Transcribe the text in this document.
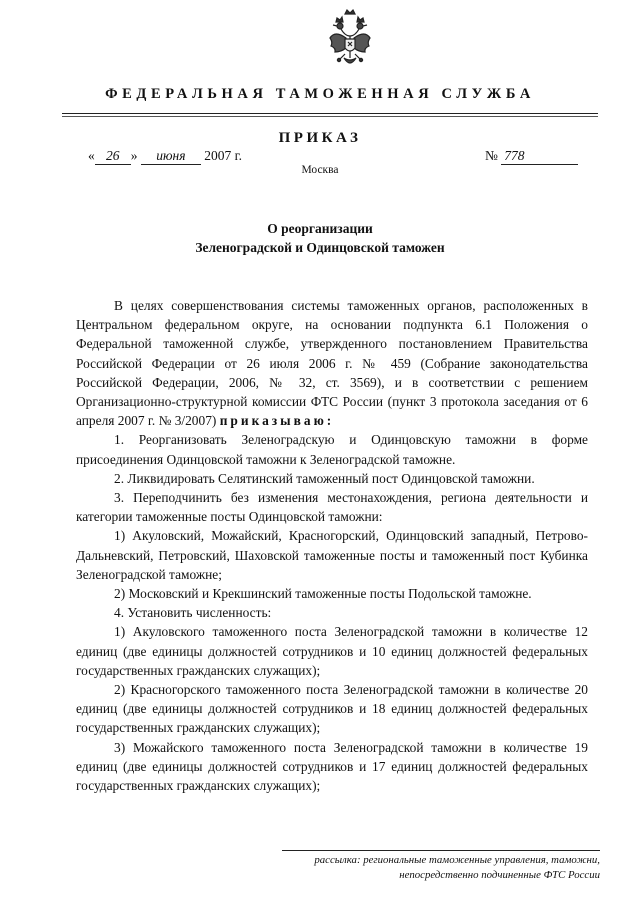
ФЕДЕРАЛЬНАЯ ТАМОЖЕННАЯ СЛУЖБА
ПРИКАЗ
« 26 » июня 2007 г.	№ 778
Москва
О реорганизации
Зеленоградской и Одинцовской таможен

В целях совершенствования системы таможенных органов, расположенных в Центральном федеральном округе, на основании подпункта 6.1 Положения о Федеральной таможенной службе, утвержденного постановлением Правительства Российской Федерации от 26 июля 2006 г. № 459 (Собрание законодательства Российской Федерации, 2006, № 32, ст. 3569), и в соответствии с решением Организационно-структурной комиссии ФТС России (пункт 3 протокола заседания от 6 апреля 2007 г. № 3/2007) приказываю:

1. Реорганизовать Зеленоградскую и Одинцовскую таможни в форме присоединения Одинцовской таможни к Зеленоградской таможне.

2. Ликвидировать Селятинский таможенный пост Одинцовской таможни.

3. Переподчинить без изменения местонахождения, региона деятельности и категории таможенные посты Одинцовской таможни:

1) Акуловский, Можайский, Красногорский, Одинцовский западный, Петрово-Дальневский, Петровский, Шаховской таможенные посты и таможенный пост Кубинка Зеленоградской таможне;

2) Московский и Крекшинский таможенные посты Подольской таможне.

4. Установить численность:

1) Акуловского таможенного поста Зеленоградской таможни в количестве 12 единиц (две единицы должностей сотрудников и 10 единиц должностей федеральных государственных гражданских служащих);

2) Красногорского таможенного поста Зеленоградской таможни в количестве 20 единиц (две единицы должностей сотрудников и 18 единиц должностей федеральных государственных гражданских служащих);

3) Можайского таможенного поста Зеленоградской таможни в количестве 19 единиц (две единицы должностей сотрудников и 17 единиц должностей федеральных государственных гражданских служащих);

рассылка: региональные таможенные управления, таможни,
непосредственно подчиненные ФТС России
